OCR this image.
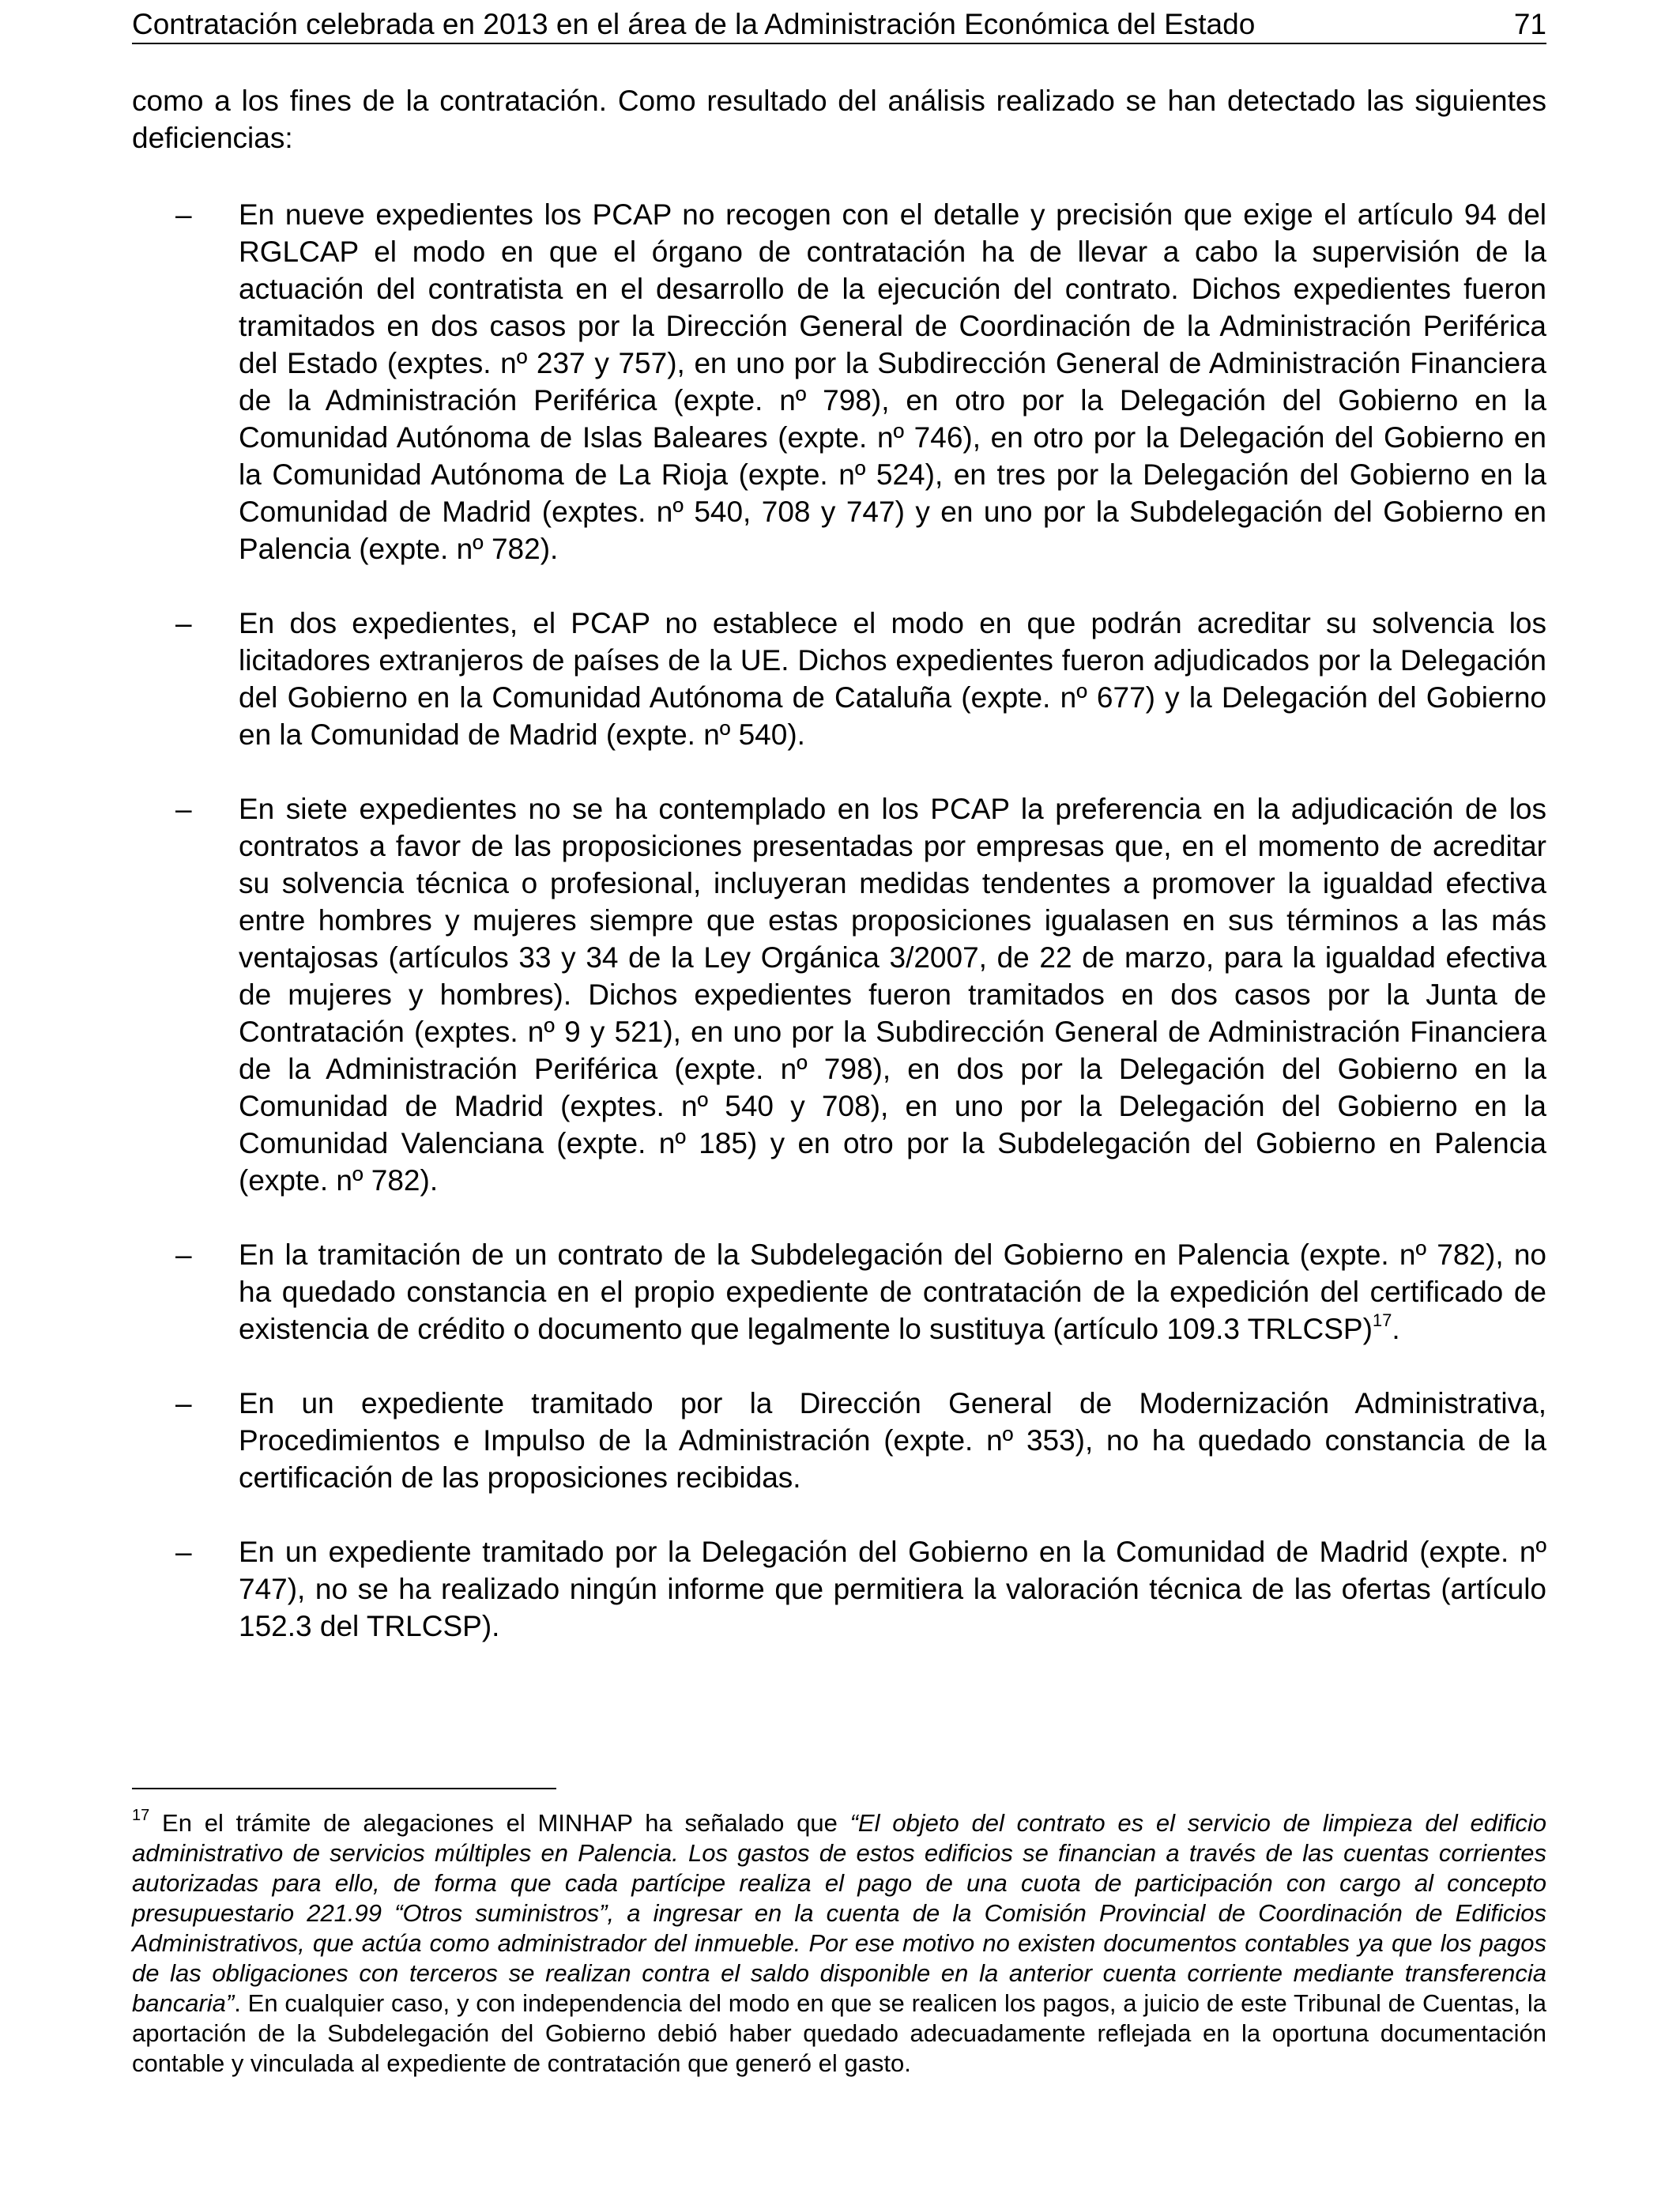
Contratación celebrada en 2013 en el área de la Administración Económica del Estado	71

como a los fines de la contratación. Como resultado del análisis realizado se han detectado las siguientes deficiencias:

– En nueve expedientes los PCAP no recogen con el detalle y precisión que exige el artículo 94 del RGLCAP el modo en que el órgano de contratación ha de llevar a cabo la supervisión de la actuación del contratista en el desarrollo de la ejecución del contrato. Dichos expedientes fueron tramitados en dos casos por la Dirección General de Coordinación de la Administración Periférica del Estado (exptes. nº 237 y 757), en uno por la Subdirección General de Administración Financiera de la Administración Periférica (expte. nº 798), en otro por la Delegación del Gobierno en la Comunidad Autónoma de Islas Baleares (expte. nº 746), en otro por la Delegación del Gobierno en la Comunidad Autónoma de La Rioja (expte. nº 524), en tres por la Delegación del Gobierno en la Comunidad de Madrid (exptes. nº 540, 708 y 747) y en uno por la Subdelegación del Gobierno en Palencia (expte. nº 782).
– En dos expedientes, el PCAP no establece el modo en que podrán acreditar su solvencia los licitadores extranjeros de países de la UE. Dichos expedientes fueron adjudicados por la Delegación del Gobierno en la Comunidad Autónoma de Cataluña (expte. nº 677) y la Delegación del Gobierno en la Comunidad de Madrid (expte. nº 540).
– En siete expedientes no se ha contemplado en los PCAP la preferencia en la adjudicación de los contratos a favor de las proposiciones presentadas por empresas que, en el momento de acreditar su solvencia técnica o profesional, incluyeran medidas tendentes a promover la igualdad efectiva entre hombres y mujeres siempre que estas proposiciones igualasen en sus términos a las más ventajosas (artículos 33 y 34 de la Ley Orgánica 3/2007, de 22 de marzo, para la igualdad efectiva de mujeres y hombres). Dichos expedientes fueron tramitados en dos casos por la Junta de Contratación (exptes. nº 9 y 521), en uno por la Subdirección General de Administración Financiera de la Administración Periférica (expte. nº 798), en dos por la Delegación del Gobierno en la Comunidad de Madrid (exptes. nº 540 y 708), en uno por la Delegación del Gobierno en la Comunidad Valenciana (expte. nº 185) y en otro por la Subdelegación del Gobierno en Palencia (expte. nº 782).
– En la tramitación de un contrato de la Subdelegación del Gobierno en Palencia (expte. nº 782), no ha quedado constancia en el propio expediente de contratación de la expedición del certificado de existencia de crédito o documento que legalmente lo sustituya (artículo 109.3 TRLCSP)$^{17}$.
– En un expediente tramitado por la Dirección General de Modernización Administrativa, Procedimientos e Impulso de la Administración (expte. nº 353), no ha quedado constancia de la certificación de las proposiciones recibidas.
– En un expediente tramitado por la Delegación del Gobierno en la Comunidad de Madrid (expte. nº 747), no se ha realizado ningún informe que permitiera la valoración técnica de las ofertas (artículo 152.3 del TRLCSP).

$^{17}$ En el trámite de alegaciones el MINHAP ha señalado que “El objeto del contrato es el servicio de limpieza del edificio administrativo de servicios múltiples en Palencia. Los gastos de estos edificios se financian a través de las cuentas corrientes autorizadas para ello, de forma que cada partícipe realiza el pago de una cuota de participación con cargo al concepto presupuestario 221.99 “Otros suministros”, a ingresar en la cuenta de la Comisión Provincial de Coordinación de Edificios Administrativos, que actúa como administrador del inmueble. Por ese motivo no existen documentos contables ya que los pagos de las obligaciones con terceros se realizan contra el saldo disponible en la anterior cuenta corriente mediante transferencia bancaria”. En cualquier caso, y con independencia del modo en que se realicen los pagos, a juicio de este Tribunal de Cuentas, la aportación de la Subdelegación del Gobierno debió haber quedado adecuadamente reflejada en la oportuna documentación contable y vinculada al expediente de contratación que generó el gasto.
